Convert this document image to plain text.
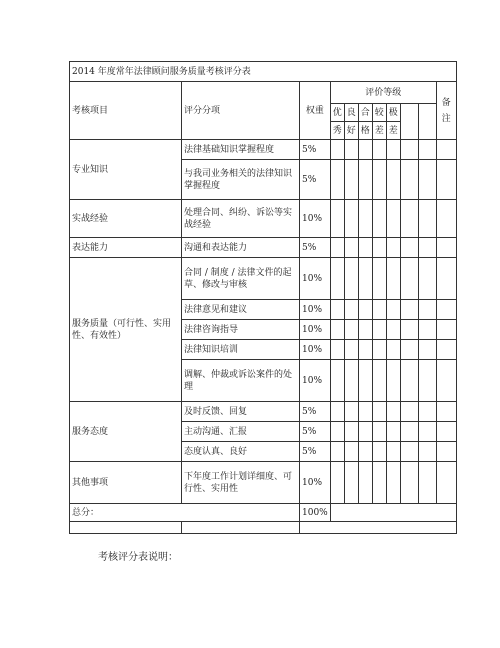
2014 年度常年法律顾问服务质量考核评分表										
考核项目	评分分项	权重	评价等级							备
注
			优	良	合	较	极			
			秀	好	格	差	差			
专业知识	法律基础知识掌握程度	5%								
	与我司业务相关的法律知识掌握程度	5%								
实战经验	处理合同、纠纷、诉讼等实战经验	10%								
表达能力	沟通和表达能力	5%								
服务质量（可行性、实用性、有效性）	合同 / 制度 / 法律文件的起草、修改与审核	10%								
	法律意见和建议	10%								
	法律咨询指导	10%								
	法律知识培训	10%								
	调解、仲裁或诉讼案件的处理	10%								
服务态度	及时反馈、回复	5%								
	主动沟通、汇报	5%								
	态度认真、良好	5%								
其他事项	下年度工作计划详细度、可行性、实用性	10%								
总分：		100%								

考核评分表说明：
